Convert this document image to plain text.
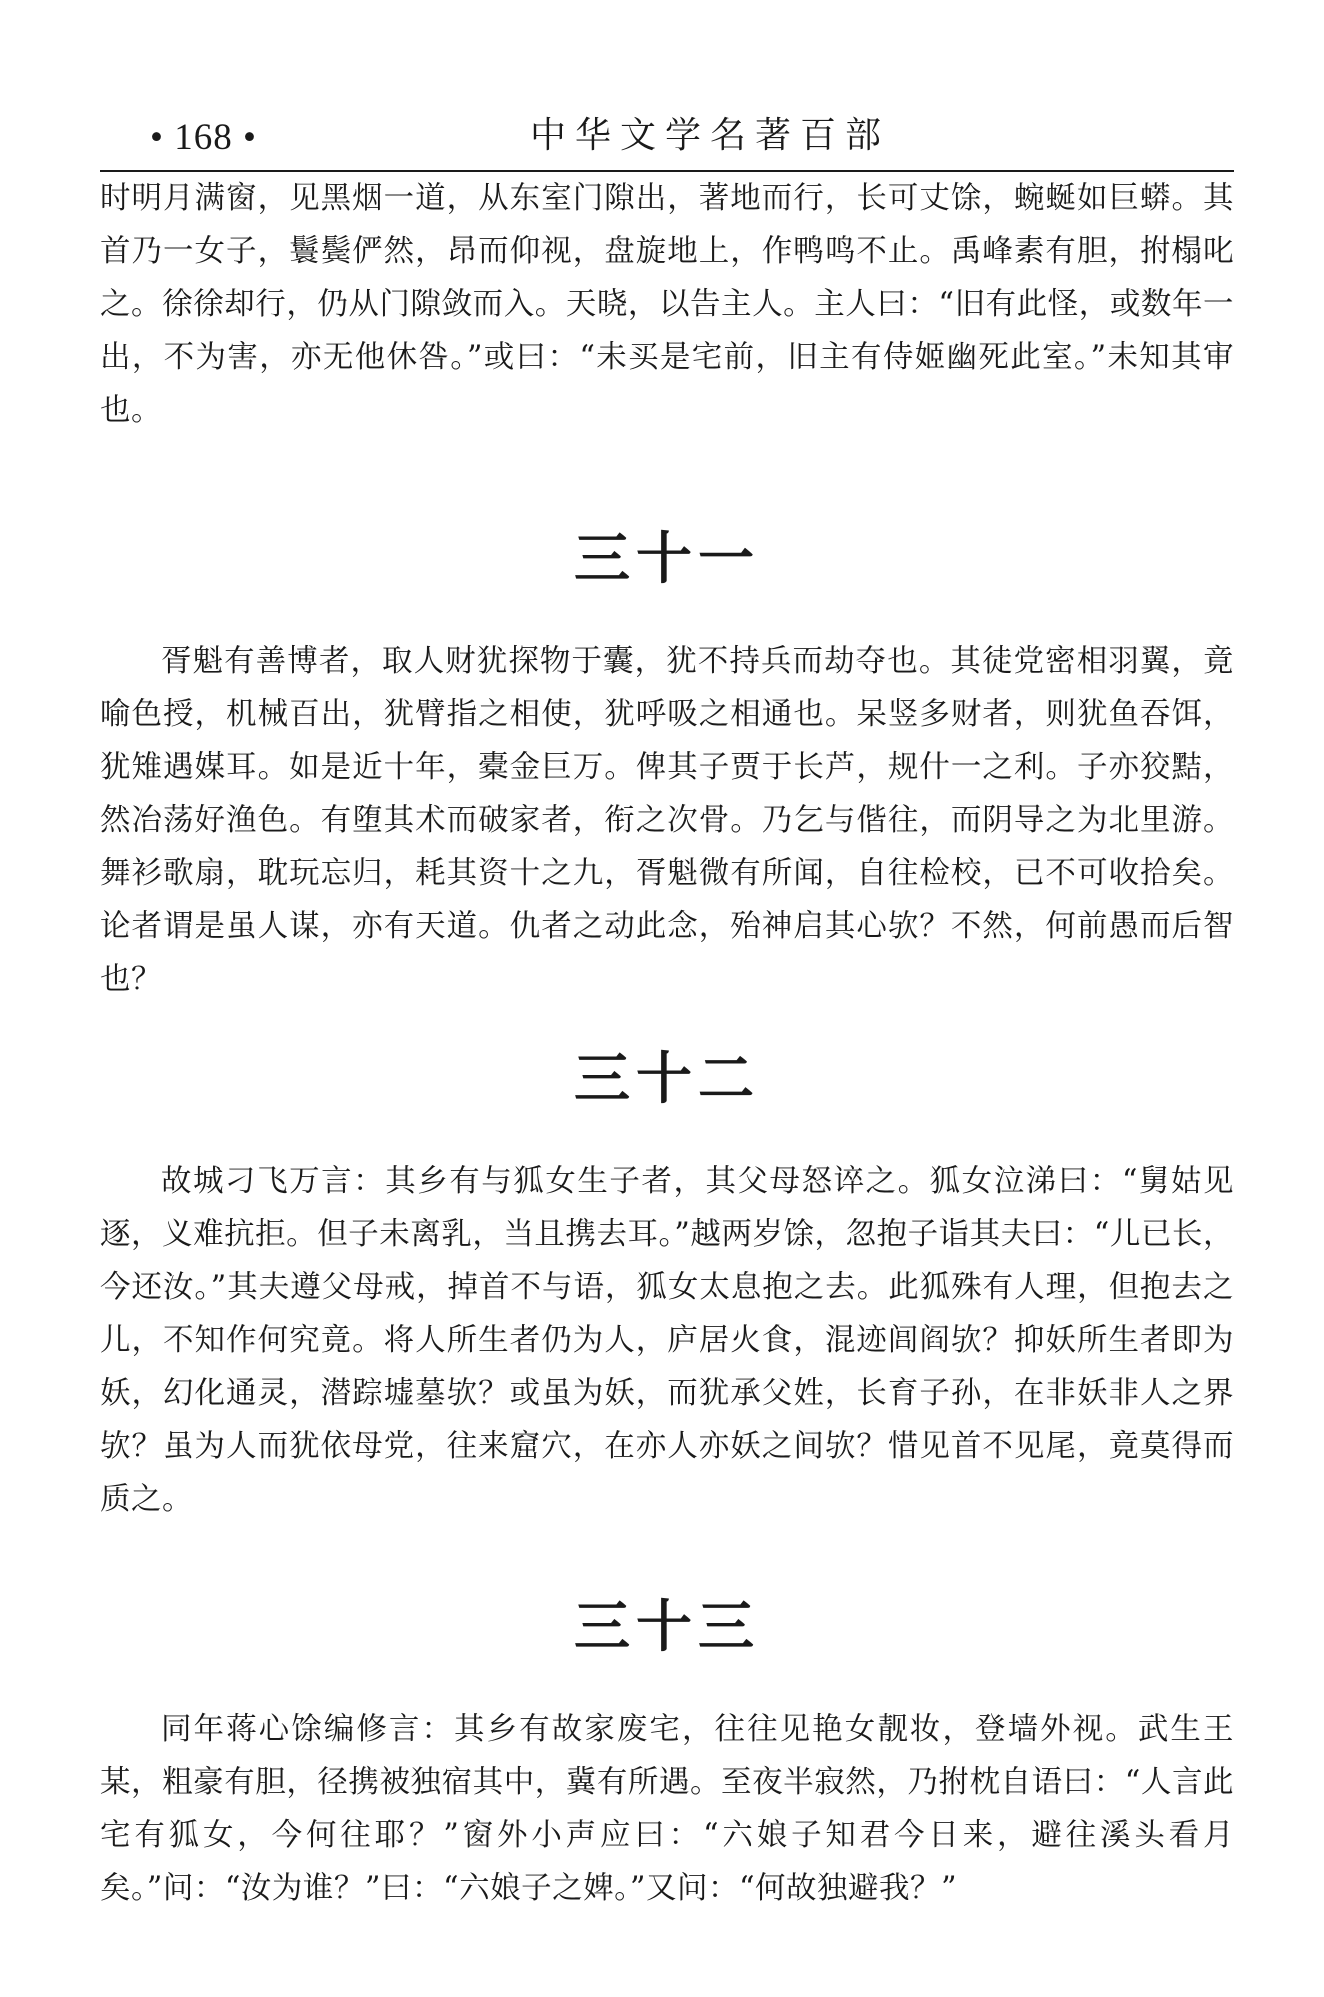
• 168 •	中华文学名著百部

时明月满窗，见黑烟一道，从东室门隙出，著地而行，长可丈馀，蜿蜒如巨蟒。其首乃一女子，鬟鬓俨然，昂而仰视，盘旋地上，作鸭鸣不止。禹峰素有胆，拊榻叱之。徐徐却行，仍从门隙敛而入。天晓，以告主人。主人曰：“旧有此怪，或数年一出，不为害，亦无他休咎。”或曰：“未买是宅前，旧主有侍姬幽死此室。”未知其审也。

三十一

胥魁有善博者，取人财犹探物于囊，犹不持兵而劫夺也。其徒党密相羽翼，竟喻色授，机械百出，犹臂指之相使，犹呼吸之相通也。呆竖多财者，则犹鱼吞饵，犹雉遇媒耳。如是近十年，橐金巨万。俾其子贾于长芦，规什一之利。子亦狡黠，然冶荡好渔色。有堕其术而破家者，衔之次骨。乃乞与偕往，而阴导之为北里游。舞衫歌扇，耽玩忘归，耗其资十之九，胥魁微有所闻，自往检校，已不可收拾矣。论者谓是虽人谋，亦有天道。仇者之动此念，殆神启其心欤？不然，何前愚而后智也？

三十二

故城刁飞万言：其乡有与狐女生子者，其父母怒谇之。狐女泣涕曰：“舅姑见逐，义难抗拒。但子未离乳，当且携去耳。”越两岁馀，忽抱子诣其夫曰：“儿已长，今还汝。”其夫遵父母戒，掉首不与语，狐女太息抱之去。此狐殊有人理，但抱去之儿，不知作何究竟。将人所生者仍为人，庐居火食，混迹闾阎欤？抑妖所生者即为妖，幻化通灵，潜踪墟墓欤？或虽为妖，而犹承父姓，长育子孙，在非妖非人之界欤？虽为人而犹依母党，往来窟穴，在亦人亦妖之间欤？惜见首不见尾，竟莫得而质之。

三十三

同年蒋心馀编修言：其乡有故家废宅，往往见艳女靓妆，登墙外视。武生王某，粗豪有胆，径携被独宿其中，冀有所遇。至夜半寂然，乃拊枕自语曰：“人言此宅有狐女，今何往耶？”窗外小声应曰：“六娘子知君今日来，避往溪头看月矣。”问：“汝为谁？”曰：“六娘子之婢。”又问：“何故独避我？”
